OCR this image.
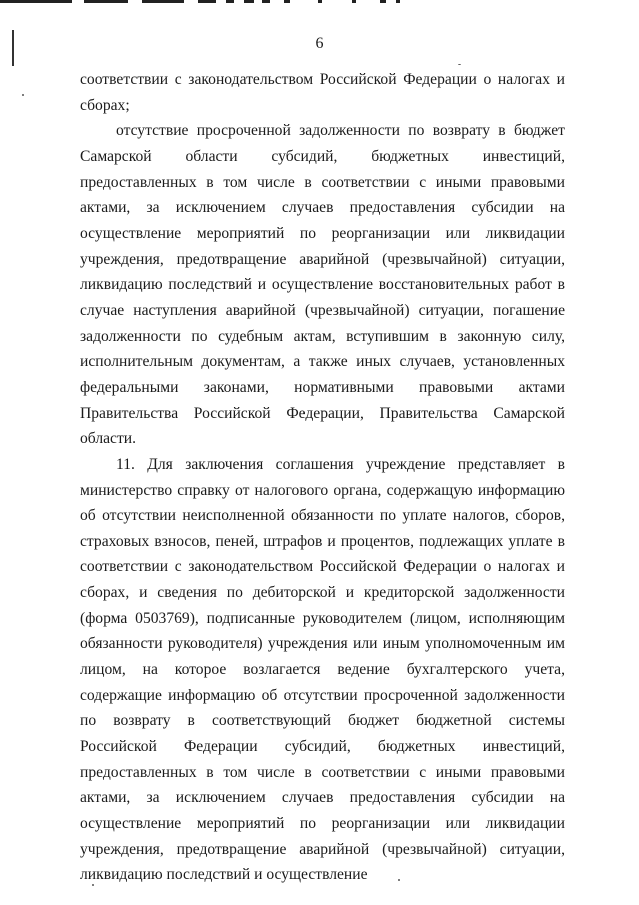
6

соответствии с законодательством Российской Федерации о налогах и сборах;

отсутствие просроченной задолженности по возврату в бюджет Самарской области субсидий, бюджетных инвестиций, предоставленных в том числе в соответствии с иными правовыми актами, за исключением случаев предоставления субсидии на осуществление мероприятий по реорганизации или ликвидации учреждения, предотвращение аварийной (чрезвычайной) ситуации, ликвидацию последствий и осуществление восстановительных работ в случае наступления аварийной (чрезвычайной) ситуации, погашение задолженности по судебным актам, вступившим в законную силу, исполнительным документам, а также иных случаев, установленных федеральными законами, нормативными правовыми актами Правительства Российской Федерации, Правительства Самарской области.

11. Для заключения соглашения учреждение представляет в министерство справку от налогового органа, содержащую информацию об отсутствии неисполненной обязанности по уплате налогов, сборов, страховых взносов, пеней, штрафов и процентов, подлежащих уплате в соответствии с законодательством Российской Федерации о налогах и сборах, и сведения по дебиторской и кредиторской задолженности (форма 0503769), подписанные руководителем (лицом, исполняющим обязанности руководителя) учреждения или иным уполномоченным им лицом, на которое возлагается ведение бухгалтерского учета, содержащие информацию об отсутствии просроченной задолженности по возврату в соответствующий бюджет бюджетной системы Российской Федерации субсидий, бюджетных инвестиций, предоставленных в том числе в соответствии с иными правовыми актами, за исключением случаев предоставления субсидии на осуществление мероприятий по реорганизации или ликвидации учреждения, предотвращение аварийной (чрезвычайной) ситуации, ликвидацию последствий и осуществление
